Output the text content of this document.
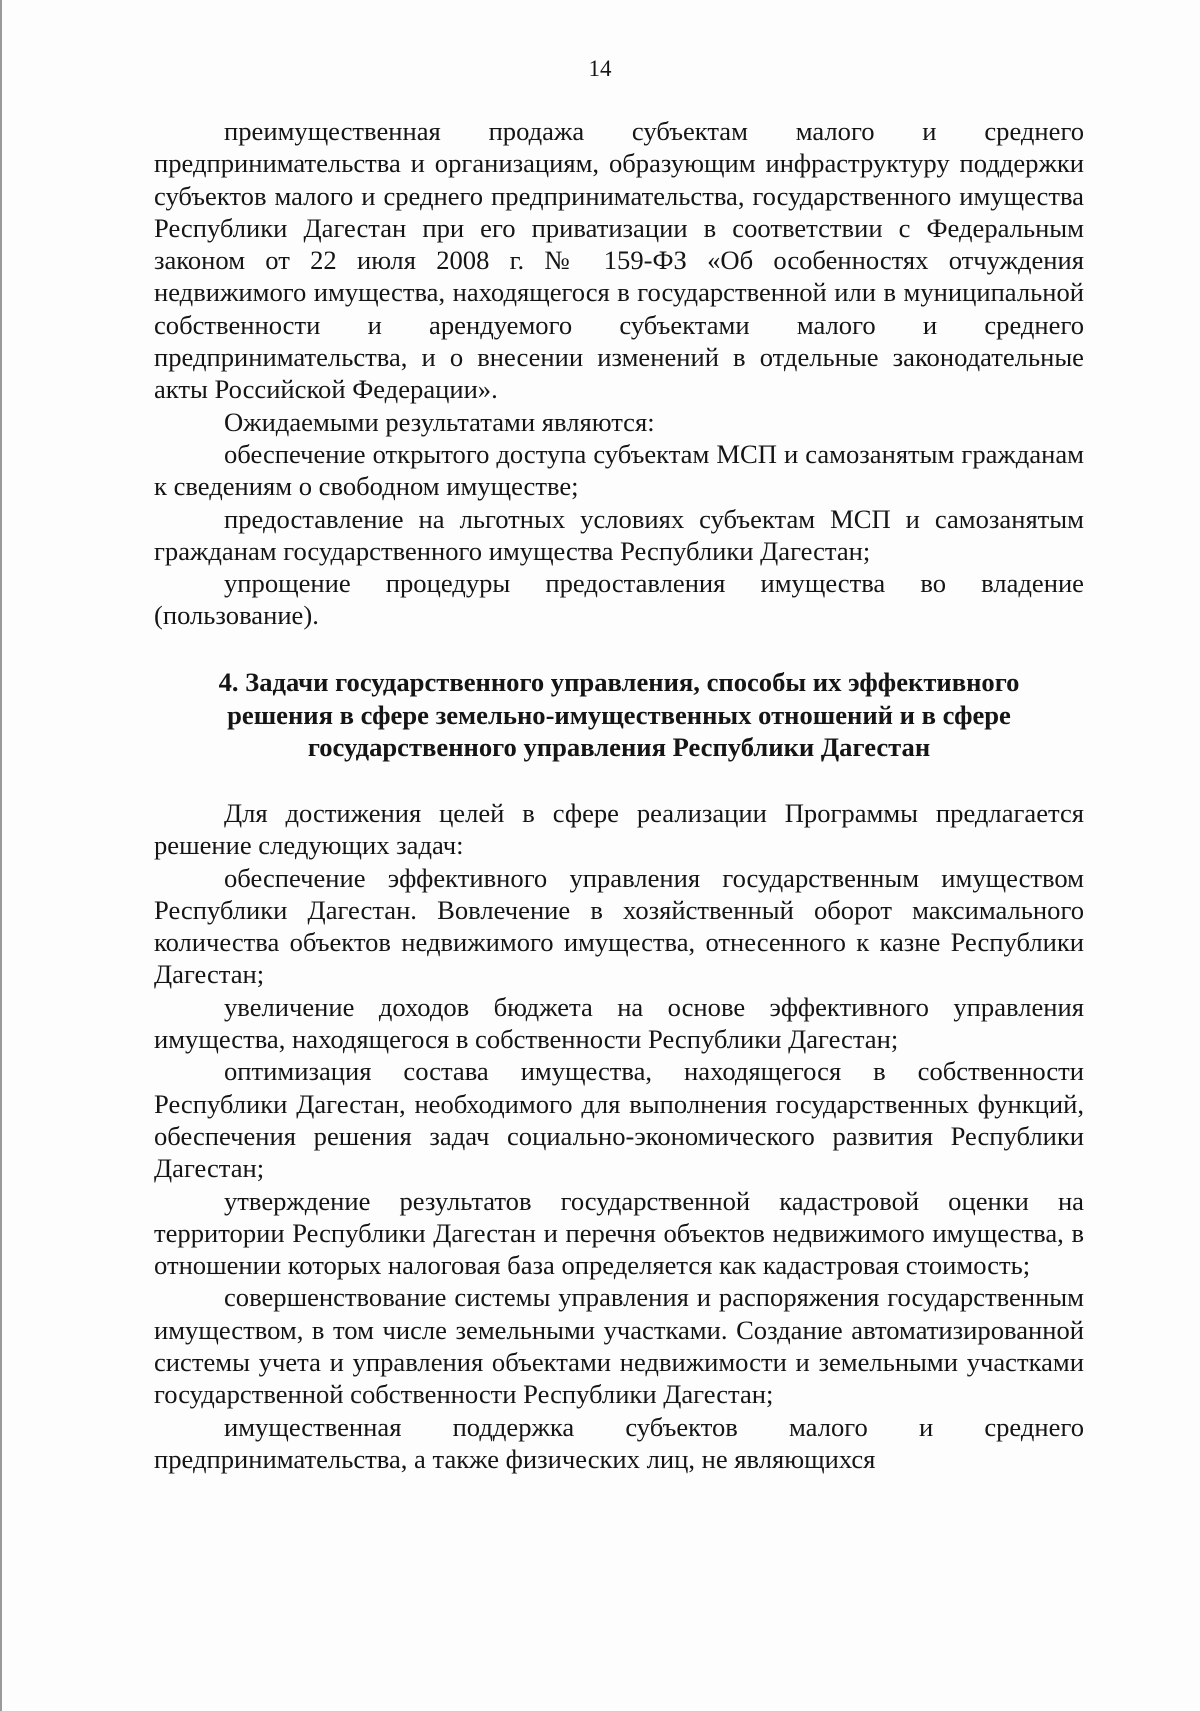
14

преимущественная продажа субъектам малого и среднего предпринимательства и организациям, образующим инфраструктуру поддержки субъектов малого и среднего предпринимательства, государственного имущества Республики Дагестан при его приватизации в соответствии с Федеральным законом от 22 июля 2008 г. № 159-ФЗ «Об особенностях отчуждения недвижимого имущества, находящегося в государственной или в муниципальной собственности и арендуемого субъектами малого и среднего предпринимательства, и о внесении изменений в отдельные законодательные акты Российской Федерации».

Ожидаемыми результатами являются:

обеспечение открытого доступа субъектам МСП и самозанятым гражданам к сведениям о свободном имуществе;

предоставление на льготных условиях субъектам МСП и самозанятым гражданам государственного имущества Республики Дагестан;

упрощение процедуры предоставления имущества во владение (пользование).

4. Задачи государственного управления, способы их эффективного
решения в сфере земельно-имущественных отношений и в сфере
государственного управления Республики Дагестан

Для достижения целей в сфере реализации Программы предлагается решение следующих задач:

обеспечение эффективного управления государственным имуществом Республики Дагестан. Вовлечение в хозяйственный оборот максимального количества объектов недвижимого имущества, отнесенного к казне Республики Дагестан;

увеличение доходов бюджета на основе эффективного управления имущества, находящегося в собственности Республики Дагестан;

оптимизация состава имущества, находящегося в собственности Республики Дагестан, необходимого для выполнения государственных функций, обеспечения решения задач социально-экономического развития Республики Дагестан;

утверждение результатов государственной кадастровой оценки на территории Республики Дагестан и перечня объектов недвижимого имущества, в отношении которых налоговая база определяется как кадастровая стоимость;

совершенствование системы управления и распоряжения государственным имуществом, в том числе земельными участками. Создание автоматизированной системы учета и управления объектами недвижимости и земельными участками государственной собственности Республики Дагестан;

имущественная поддержка субъектов малого и среднего предпринимательства, а также физических лиц, не являющихся
